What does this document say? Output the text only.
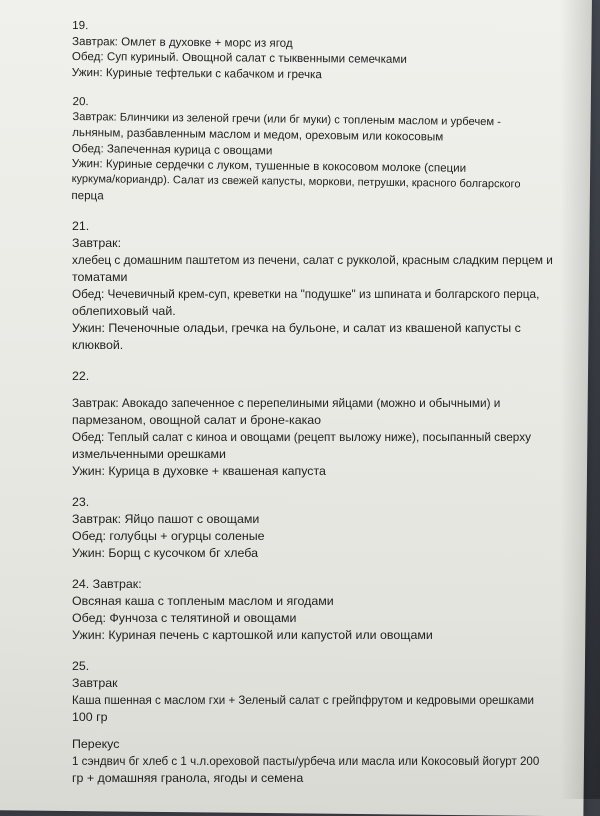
19.
Завтрак: Омлет в духовке + морс из ягод
Обед: Суп куриный. Овощной салат с тыквенными семечками
Ужин: Куриные тефтельки с кабачком и гречка
20.
Завтрак: Блинчики из зеленой гречи (или бг муки) с топленым маслом и урбечем -
льняным, разбавленным маслом и медом, ореховым или кокосовым
Обед: Запеченная курица с овощами
Ужин: Куриные сердечки с луком, тушенные в кокосовом молоке (специи
куркума/кориандр). Салат из свежей капусты, моркови, петрушки, красного болгарского
перца
21.
Завтрак:
хлебец с домашним паштетом из печени, салат с рукколой, красным сладким перцем и
томатами
Обед: Чечевичный крем-суп, креветки на "подушке" из шпината и болгарского перца,
облепиховый чай.
Ужин: Печеночные оладьи, гречка на бульоне, и салат из квашеной капусты с
клюквой.
22.
Завтрак: Авокадо запеченное с перепелиными яйцами (можно и обычными) и
пармезаном, овощной салат и броне-какао
Обед: Теплый салат с киноа и овощами (рецепт выложу ниже), посыпанный сверху
измельченными орешками
Ужин: Курица в духовке + квашеная капуста
23.
Завтрак: Яйцо пашот с овощами
Обед: голубцы + огурцы соленые
Ужин: Борщ с кусочком бг хлеба
24. Завтрак:
Овсяная каша с топленым маслом и ягодами
Обед: Фунчоза с телятиной и овощами
Ужин: Куриная печень с картошкой или капустой или овощами
25.
Завтрак
Каша пшенная с маслом гхи + Зеленый салат с грейпфрутом и кедровыми орешками
100 гр
Перекус
1 сэндвич бг хлеб с 1 ч.л.ореховой пасты/урбеча или масла или Кокосовый йогурт 200
гр + домашняя гранола, ягоды и семена
